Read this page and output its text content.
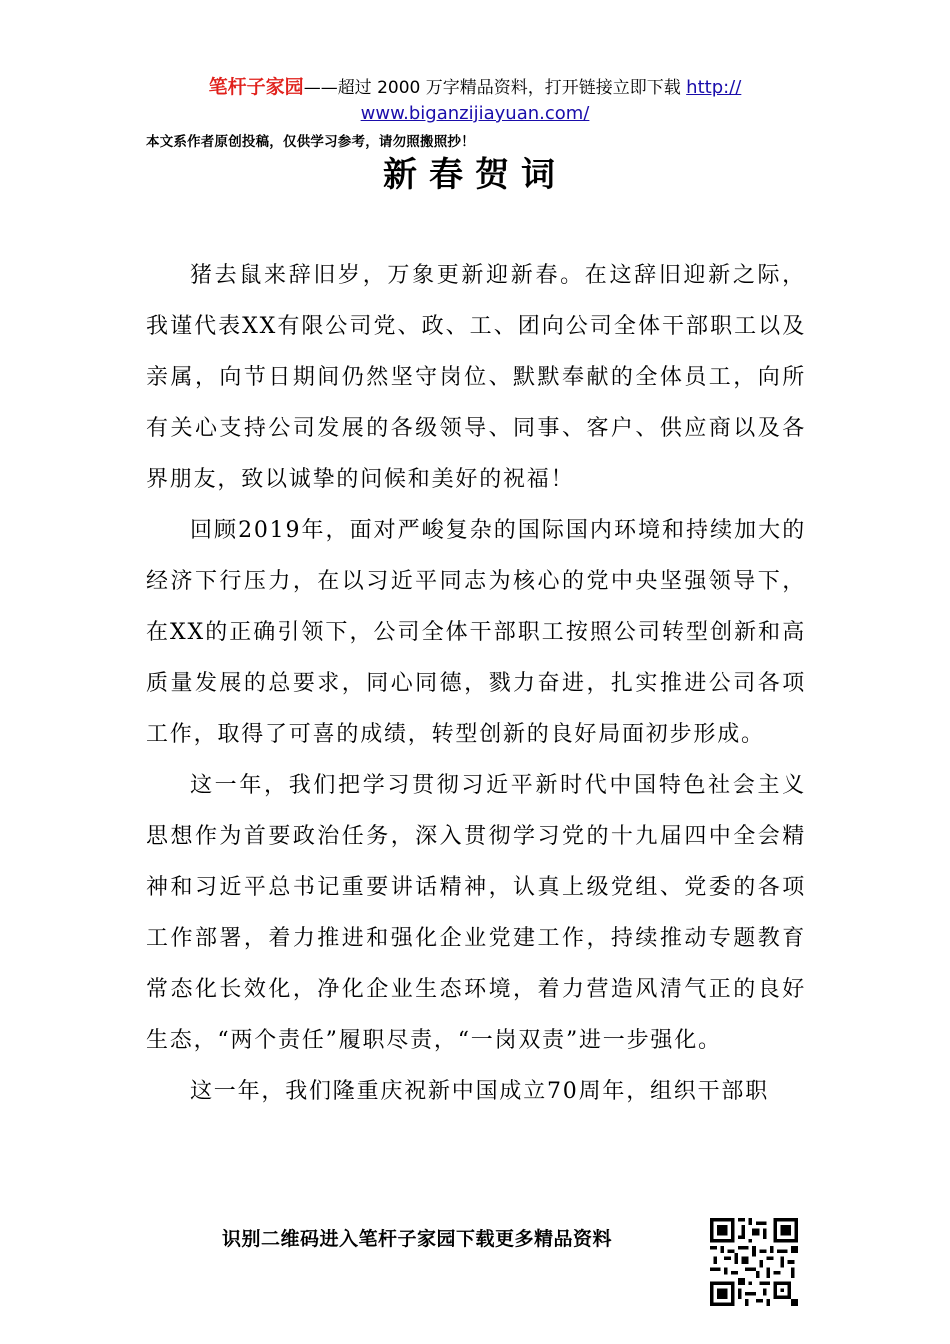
笔杆子家园——超过 2000 万字精品资料，打开链接立即下载 http://
www.biganzijiayuan.com/
本文系作者原创投稿，仅供学习参考，请勿照搬照抄！
新春贺词

猪去鼠来辞旧岁，万象更新迎新春。在这辞旧迎新之际，我谨代表XX有限公司党、政、工、团向公司全体干部职工以及亲属，向节日期间仍然坚守岗位、默默奉献的全体员工，向所有关心支持公司发展的各级领导、同事、客户、供应商以及各界朋友，致以诚挚的问候和美好的祝福！

回顾2019年，面对严峻复杂的国际国内环境和持续加大的经济下行压力，在以习近平同志为核心的党中央坚强领导下，在XX的正确引领下，公司全体干部职工按照公司转型创新和高质量发展的总要求，同心同德，戮力奋进，扎实推进公司各项工作，取得了可喜的成绩，转型创新的良好局面初步形成。

这一年，我们把学习贯彻习近平新时代中国特色社会主义思想作为首要政治任务，深入贯彻学习党的十九届四中全会精神和习近平总书记重要讲话精神，认真上级党组、党委的各项工作部署，着力推进和强化企业党建工作，持续推动专题教育常态化长效化，净化企业生态环境，着力营造风清气正的良好生态，“两个责任”履职尽责，“一岗双责”进一步强化。

这一年，我们隆重庆祝新中国成立70周年，组织干部职

识别二维码进入笔杆子家园下载更多精品资料
